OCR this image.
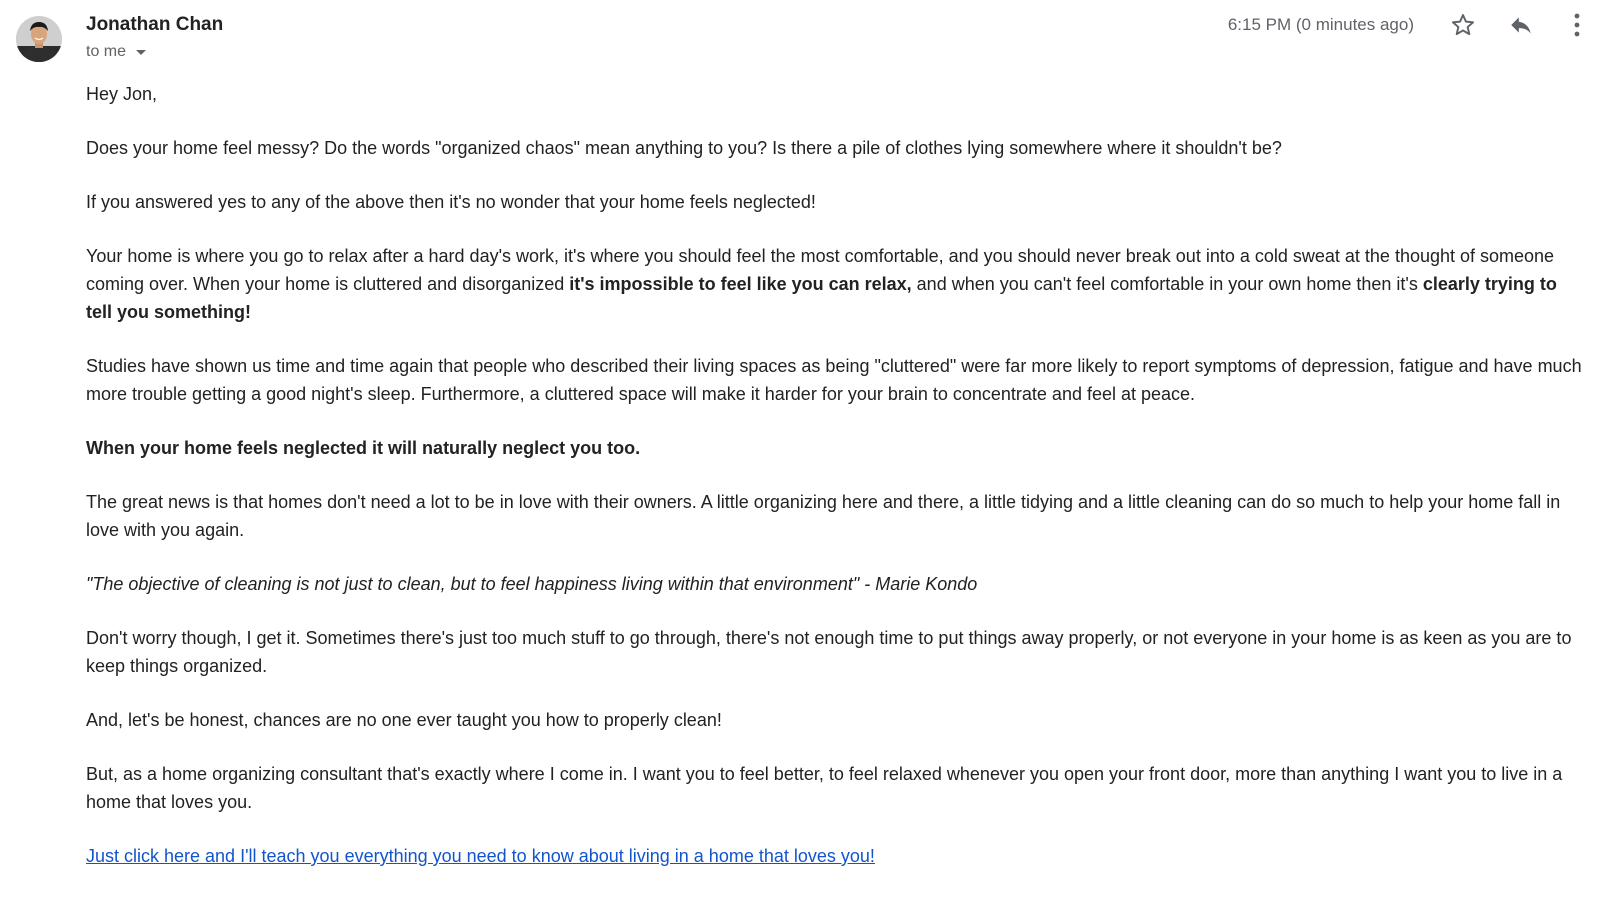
Jonathan Chan
to me
6:15 PM (0 minutes ago)

Hey Jon,

Does your home feel messy? Do the words "organized chaos" mean anything to you? Is there a pile of clothes lying somewhere where it shouldn't be?

If you answered yes to any of the above then it's no wonder that your home feels neglected!

Your home is where you go to relax after a hard day's work, it's where you should feel the most comfortable, and you should never break out into a cold sweat at the thought of someone coming over. When your home is cluttered and disorganized it's impossible to feel like you can relax, and when you can't feel comfortable in your own home then it's clearly trying to tell you something!

Studies have shown us time and time again that people who described their living spaces as being "cluttered" were far more likely to report symptoms of depression, fatigue and have much more trouble getting a good night's sleep. Furthermore, a cluttered space will make it harder for your brain to concentrate and feel at peace.

When your home feels neglected it will naturally neglect you too.

The great news is that homes don't need a lot to be in love with their owners. A little organizing here and there, a little tidying and a little cleaning can do so much to help your home fall in love with you again.

"The objective of cleaning is not just to clean, but to feel happiness living within that environment" - Marie Kondo

Don't worry though, I get it. Sometimes there's just too much stuff to go through, there's not enough time to put things away properly, or not everyone in your home is as keen as you are to keep things organized.

And, let's be honest, chances are no one ever taught you how to properly clean!

But, as a home organizing consultant that's exactly where I come in. I want you to feel better, to feel relaxed whenever you open your front door, more than anything I want you to live in a home that loves you.

Just click here and I'll teach you everything you need to know about living in a home that loves you!
